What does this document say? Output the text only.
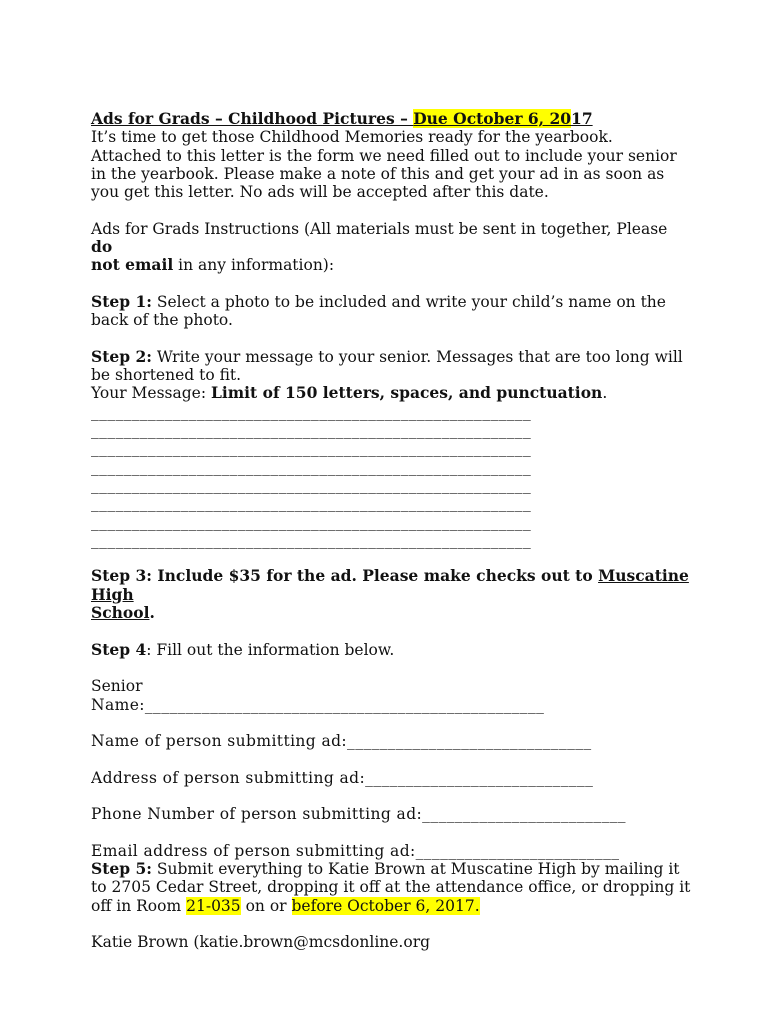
Ads for Grads – Childhood Pictures – Due October 6, 2017

It’s time to get those Childhood Memories ready for the yearbook.

Attached to this letter is the form we need filled out to include your senior

in the yearbook. Please make a note of this and get your ad in as soon as

you get this letter. No ads will be accepted after this date.

Ads for Grads Instructions (All materials must be sent in together, Please do

not email in any information):

Step 1: Select a photo to be included and write your child’s name on the

back of the photo.

Step 2: Write your message to your senior. Messages that are too long will

be shortened to fit.

Your Message: Limit of 150 letters, spaces, and punctuation.

______________________________________________________

______________________________________________________

______________________________________________________

______________________________________________________

______________________________________________________

______________________________________________________

______________________________________________________

______________________________________________________

Step 3: Include $35 for the ad. Please make checks out to Muscatine High

School.

Step 4: Fill out the information below.

Senior

Name:_________________________________________________

Name of person submitting ad:______________________________

Address of person submitting ad:____________________________

Phone Number of person submitting ad:_________________________

Email address of person submitting ad:_________________________

Step 5: Submit everything to Katie Brown at Muscatine High by mailing it

to 2705 Cedar Street, dropping it off at the attendance office, or dropping it

off in Room 21-035 on or before October 6, 2017.

Katie Brown (katie.brown@mcsdonline.org
